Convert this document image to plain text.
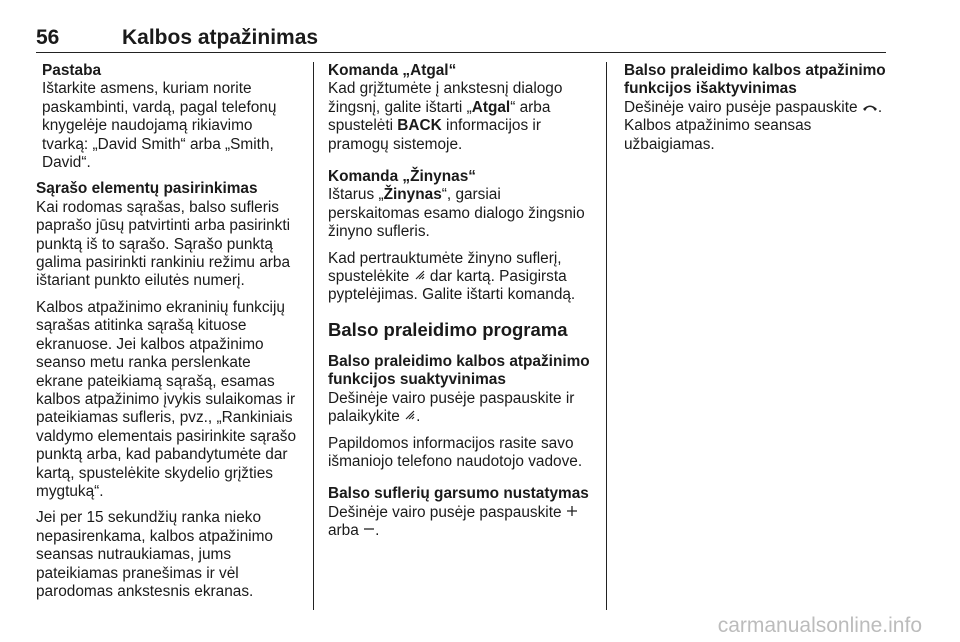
56	Kalbos atpažinimas
Pastaba
Ištarkite asmens, kuriam norite paskambinti, vardą, pagal telefonų knygelėje naudojamą rikiavimo tvarką: „David Smith“ arba „Smith, David“.

Sąrašo elementų pasirinkimas

Kai rodomas sąrašas, balso sufleris paprašo jūsų patvirtinti arba pasirinkti punktą iš to sąrašo. Sąrašo punktą galima pasirinkti rankiniu režimu arba ištariant punkto eilutės numerį.

Kalbos atpažinimo ekraninių funkcijų sąrašas atitinka sąrašą kituose ekranuose. Jei kalbos atpažinimo seanso metu ranka perslenkate ekrane pateikiamą sąrašą, esamas kalbos atpažinimo įvykis sulaikomas ir pateikiamas sufleris, pvz., „Rankiniais valdymo elementais pasirinkite sąrašo punktą arba, kad pabandytumėte dar kartą, spustelėkite skydelio grįžties mygtuką“.

Jei per 15 sekundžių ranka nieko nepasirenkama, kalbos atpažinimo seansas nutraukiamas, jums pateikiamas pranešimas ir vėl parodomas ankstesnis ekranas.

Komanda „Atgal“

Kad grįžtumėte į ankstesnį dialogo žingsnį, galite ištarti „Atgal“ arba spustelėti BACK informacijos ir pramogų sistemoje.

Komanda „Žinynas“

Ištarus „Žinynas“, garsiai perskaitomas esamo dialogo žingsnio žinyno sufleris.

Kad pertrauktumėte žinyno suflerį, spustelėkite  dar kartą. Pasigirsta pyptelėjimas. Galite ištarti komandą.

Balso praleidimo programa

Balso praleidimo kalbos atpažinimo funkcijos suaktyvinimas

Dešinėje vairo pusėje paspauskite ir palaikykite .

Papildomos informacijos rasite savo išmaniojo telefono naudotojo vadove.

Balso suflerių garsumo nustatymas

Dešinėje vairo pusėje paspauskite  arba .

Balso praleidimo kalbos atpažinimo funkcijos išaktyvinimas

Dešinėje vairo pusėje paspauskite . Kalbos atpažinimo seansas užbaigiamas.

carmanualsonline.info
